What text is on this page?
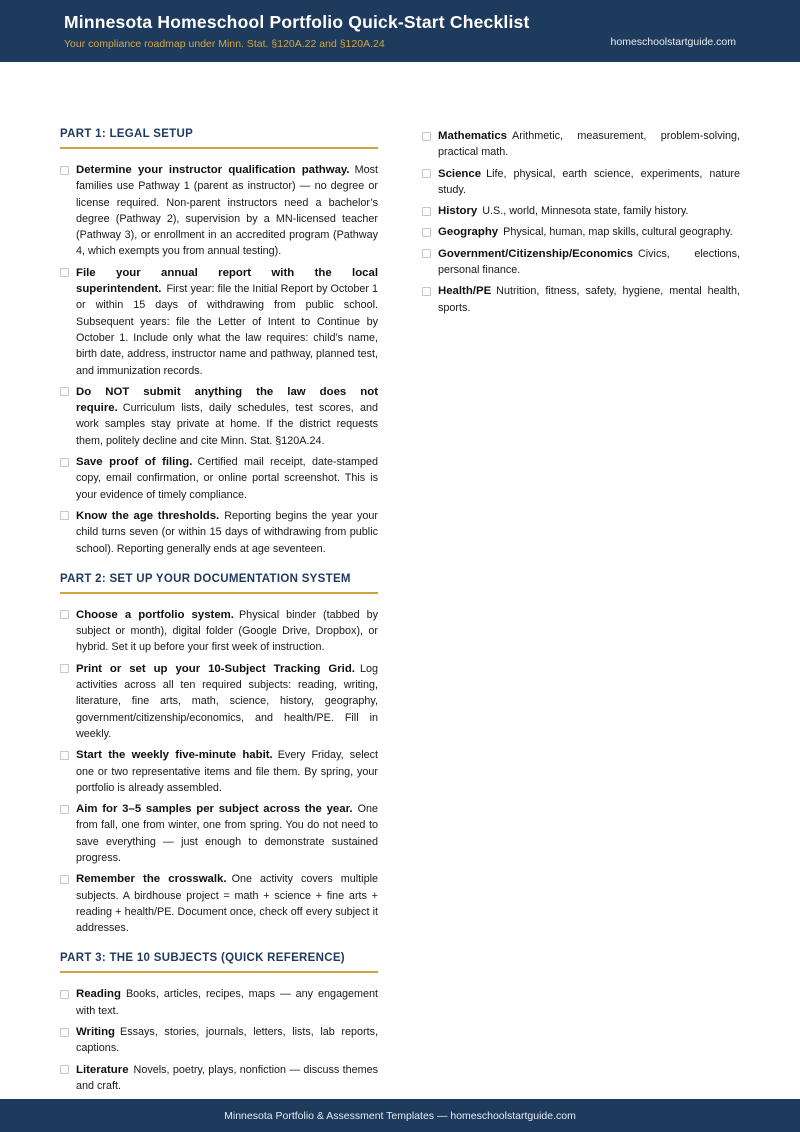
Minnesota Homeschool Portfolio Quick-Start Checklist
Your compliance roadmap under Minn. Stat. §120A.22 and §120A.24	homeschoolstartguide.com
PART 1: LEGAL SETUP
Determine your instructor qualification pathway. Most families use Pathway 1 (parent as instructor) — no degree or license required. Non-parent instructors need a bachelor’s degree (Pathway 2), supervision by a MN-licensed teacher (Pathway 3), or enrollment in an accredited program (Pathway 4, which exempts you from annual testing).
File your annual report with the local superintendent. First year: file the Initial Report by October 1 or within 15 days of withdrawing from public school. Subsequent years: file the Letter of Intent to Continue by October 1. Include only what the law requires: child’s name, birth date, address, instructor name and pathway, planned test, and immunization records.
Do NOT submit anything the law does not require. Curriculum lists, daily schedules, test scores, and work samples stay private at home. If the district requests them, politely decline and cite Minn. Stat. §120A.24.
Save proof of filing. Certified mail receipt, date-stamped copy, email confirmation, or online portal screenshot. This is your evidence of timely compliance.
Know the age thresholds. Reporting begins the year your child turns seven (or within 15 days of withdrawing from public school). Reporting generally ends at age seventeen.
PART 2: SET UP YOUR DOCUMENTATION SYSTEM
Choose a portfolio system. Physical binder (tabbed by subject or month), digital folder (Google Drive, Dropbox), or hybrid. Set it up before your first week of instruction.
Print or set up your 10-Subject Tracking Grid. Log activities across all ten required subjects: reading, writing, literature, fine arts, math, science, history, geography, government/citizenship/economics, and health/PE. Fill in weekly.
Start the weekly five-minute habit. Every Friday, select one or two representative items and file them. By spring, your portfolio is already assembled.
Aim for 3–5 samples per subject across the year. One from fall, one from winter, one from spring. You do not need to save everything — just enough to demonstrate sustained progress.
Remember the crosswalk. One activity covers multiple subjects. A birdhouse project = math + science + fine arts + reading + health/PE. Document once, check off every subject it addresses.
PART 3: THE 10 SUBJECTS (QUICK REFERENCE)
Reading Books, articles, recipes, maps — any engagement with text.
Writing Essays, stories, journals, letters, lists, lab reports, captions.
Literature Novels, poetry, plays, nonfiction — discuss themes and craft.
Mathematics Arithmetic, measurement, problem-solving, practical math.
Science Life, physical, earth science, experiments, nature study.
History U.S., world, Minnesota state, family history.
Geography Physical, human, map skills, cultural geography.
Government/Citizenship/Economics Civics, elections, personal finance.
Health/PE Nutrition, fitness, safety, hygiene, mental health, sports.
Minnesota Portfolio & Assessment Templates — homeschoolstartguide.com
